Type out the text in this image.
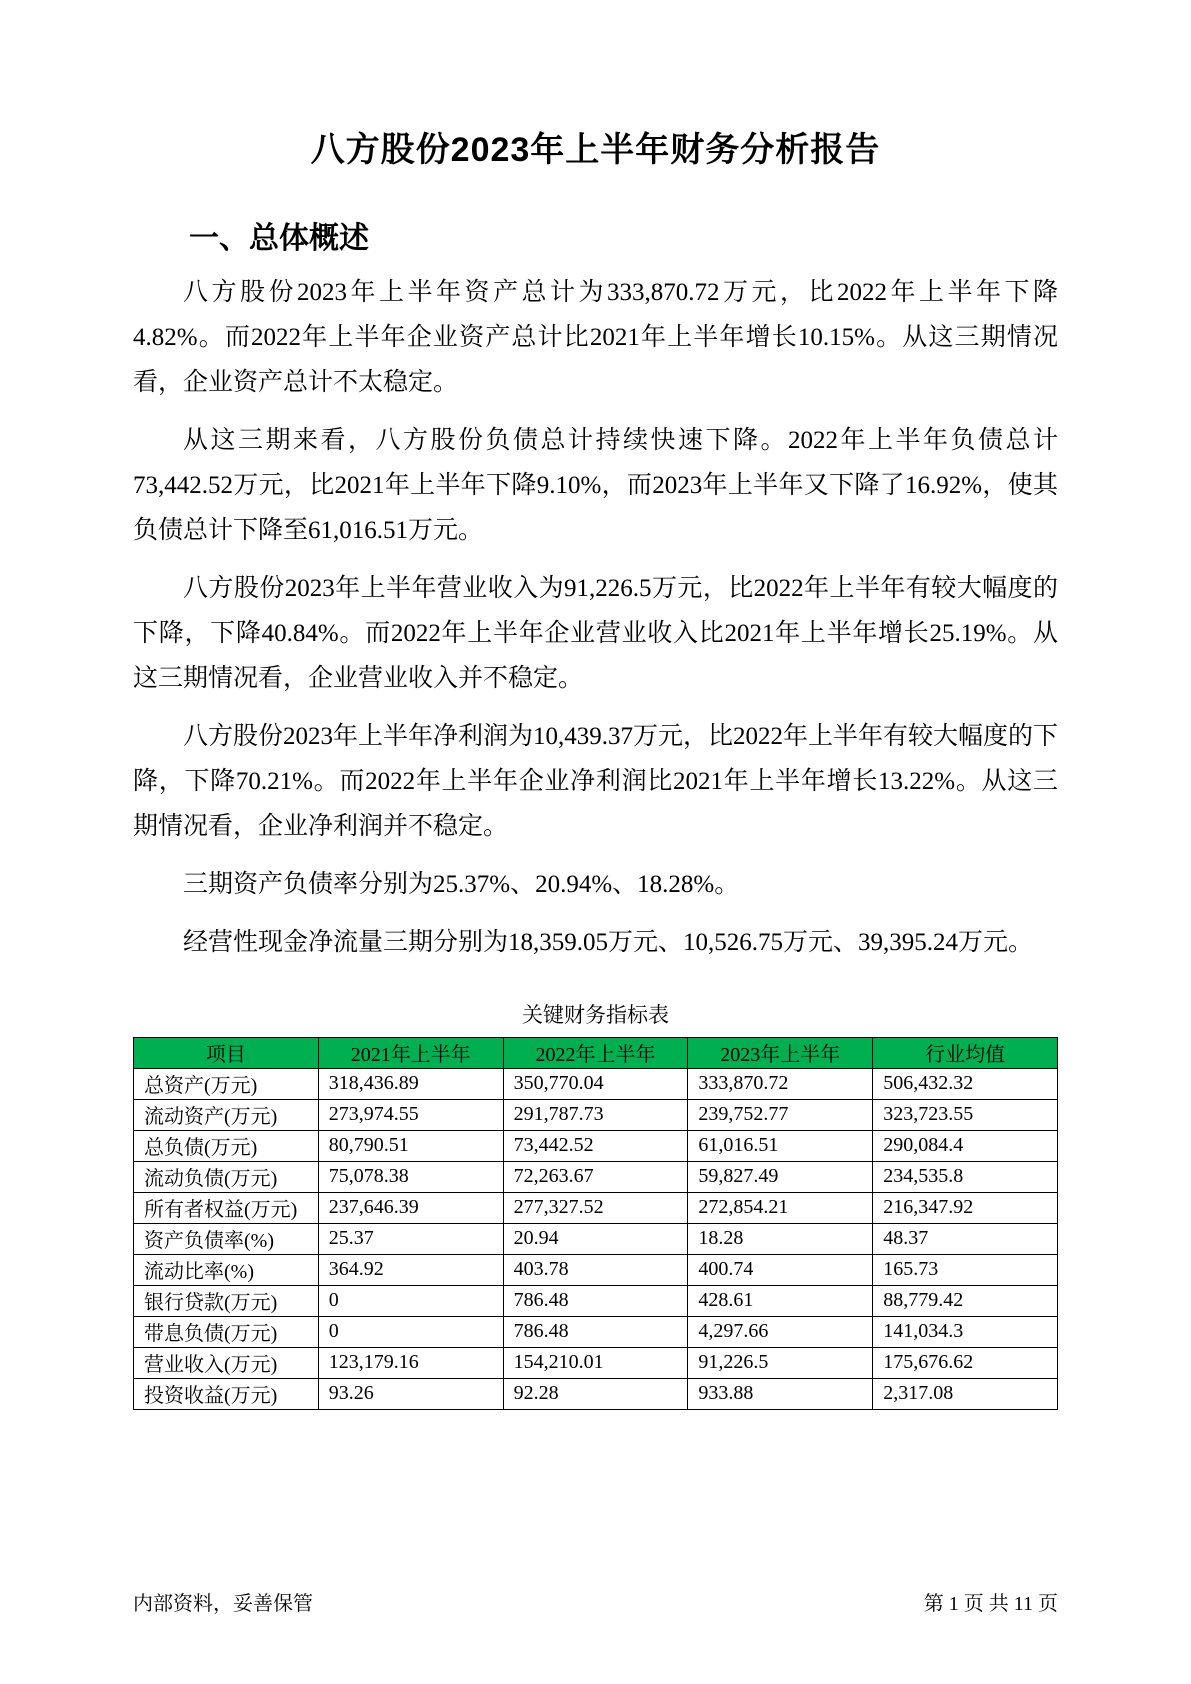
八方股份2023年上半年财务分析报告
一、总体概述

八方股份2023年上半年资产总计为333,870.72万元，比2022年上半年下降4.82%。而2022年上半年企业资产总计比2021年上半年增长10.15%。从这三期情况看，企业资产总计不太稳定。

从这三期来看，八方股份负债总计持续快速下降。2022年上半年负债总计73,442.52万元，比2021年上半年下降9.10%，而2023年上半年又下降了16.92%，使其负债总计下降至61,016.51万元。

八方股份2023年上半年营业收入为91,226.5万元，比2022年上半年有较大幅度的下降，下降40.84%。而2022年上半年企业营业收入比2021年上半年增长25.19%。从这三期情况看，企业营业收入并不稳定。

八方股份2023年上半年净利润为10,439.37万元，比2022年上半年有较大幅度的下降，下降70.21%。而2022年上半年企业净利润比2021年上半年增长13.22%。从这三期情况看，企业净利润并不稳定。

三期资产负债率分别为25.37%、20.94%、18.28%。

经营性现金净流量三期分别为18,359.05万元、10,526.75万元、39,395.24万元。

关键财务指标表
项目	2021年上半年	2022年上半年	2023年上半年	行业均值
总资产(万元)	318,436.89	350,770.04	333,870.72	506,432.32
流动资产(万元)	273,974.55	291,787.73	239,752.77	323,723.55
总负债(万元)	80,790.51	73,442.52	61,016.51	290,084.4
流动负债(万元)	75,078.38	72,263.67	59,827.49	234,535.8
所有者权益(万元)	237,646.39	277,327.52	272,854.21	216,347.92
资产负债率(%)	25.37	20.94	18.28	48.37
流动比率(%)	364.92	403.78	400.74	165.73
银行贷款(万元)	0	786.48	428.61	88,779.42
带息负债(万元)	0	786.48	4,297.66	141,034.3
营业收入(万元)	123,179.16	154,210.01	91,226.5	175,676.62
投资收益(万元)	93.26	92.28	933.88	2,317.08
内部资料，妥善保管	第 1 页 共 11 页
